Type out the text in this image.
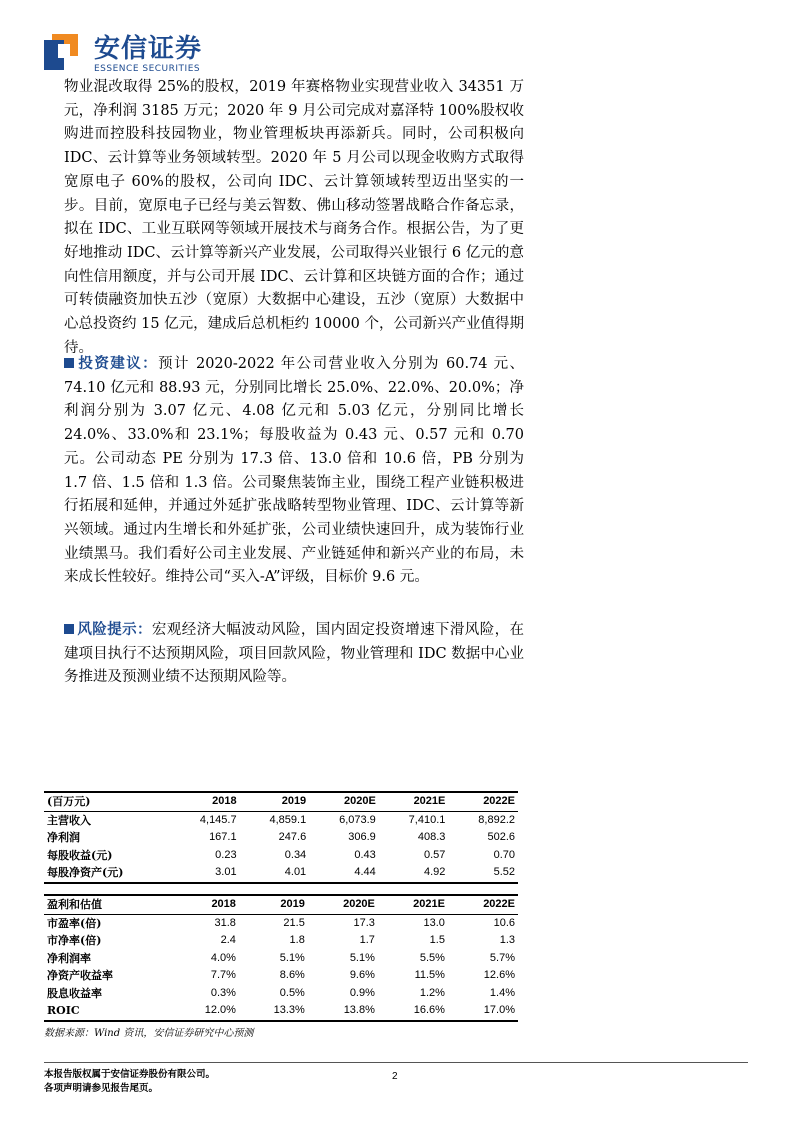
安信证券
ESSENCE SECURITIES
物业混改取得 25%的股权，2019 年赛格物业实现营业收入 34351 万元，净利润 3185 万元；2020 年 9 月公司完成对嘉泽特 100%股权收购进而控股科技园物业，物业管理板块再添新兵。同时，公司积极向 IDC、云计算等业务领域转型。2020 年 5 月公司以现金收购方式取得宽原电子 60%的股权，公司向 IDC、云计算领域转型迈出坚实的一步。目前，宽原电子已经与美云智数、佛山移动签署战略合作备忘录，拟在 IDC、工业互联网等领域开展技术与商务合作。根据公告，为了更好地推动 IDC、云计算等新兴产业发展，公司取得兴业银行 6 亿元的意向性信用额度，并与公司开展 IDC、云计算和区块链方面的合作；通过可转债融资加快五沙（宽原）大数据中心建设，五沙（宽原）大数据中心总投资约 15 亿元，建成后总机柜约 10000 个，公司新兴产业值得期待。
投资建议：预计 2020-2022 年公司营业收入分别为 60.74 元、74.10 亿元和 88.93 元，分别同比增长 25.0%、22.0%、20.0%；净利润分别为 3.07 亿元、4.08 亿元和 5.03 亿元，分别同比增长 24.0%、33.0%和 23.1%；每股收益为 0.43 元、0.57 元和 0.70 元。公司动态 PE 分别为 17.3 倍、13.0 倍和 10.6 倍，PB 分别为 1.7 倍、1.5 倍和 1.3 倍。公司聚焦装饰主业，围绕工程产业链积极进行拓展和延伸，并通过外延扩张战略转型物业管理、IDC、云计算等新兴领域。通过内生增长和外延扩张，公司业绩快速回升，成为装饰行业业绩黑马。我们看好公司主业发展、产业链延伸和新兴产业的布局，未来成长性较好。维持公司“买入-A”评级，目标价 9.6 元。
风险提示：宏观经济大幅波动风险，国内固定投资增速下滑风险，在建项目执行不达预期风险，项目回款风险，物业管理和 IDC 数据中心业务推进及预测业绩不达预期风险等。
(百万元)	2018	2019	2020E	2021E	2022E
主营收入	4,145.7	4,859.1	6,073.9	7,410.1	8,892.2
净利润	167.1	247.6	306.9	408.3	502.6
每股收益(元)	0.23	0.34	0.43	0.57	0.70
每股净资产(元)	3.01	4.01	4.44	4.92	5.52
盈利和估值	2018	2019	2020E	2021E	2022E
市盈率(倍)	31.8	21.5	17.3	13.0	10.6
市净率(倍)	2.4	1.8	1.7	1.5	1.3
净利润率	4.0%	5.1%	5.1%	5.5%	5.7%
净资产收益率	7.7%	8.6%	9.6%	11.5%	12.6%
股息收益率	0.3%	0.5%	0.9%	1.2%	1.4%
ROIC	12.0%	13.3%	13.8%	16.6%	17.0%
数据来源：Wind 资讯，安信证券研究中心预测
本报告版权属于安信证券股份有限公司。
各项声明请参见报告尾页。
2
